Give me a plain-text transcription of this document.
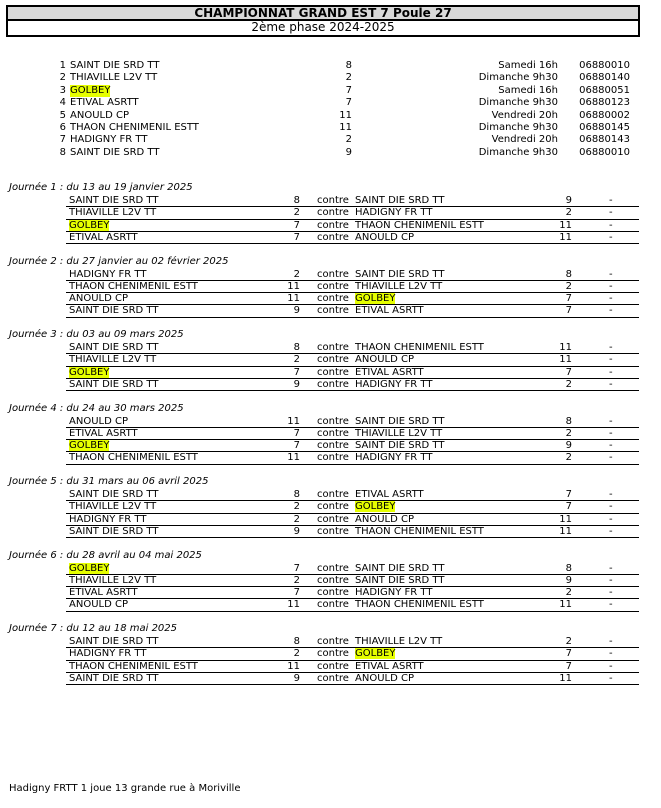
CHAMPIONNAT GRAND EST 7 Poule 27
2ème phase 2024-2025
1 SAINT DIE SRD TT	8	Samedi 16h 06880010
2 THIAVILLE L2V TT	2	Dimanche 9h30 06880140
3 GOLBEY	7	Samedi 16h 06880051
4 ETIVAL ASRTT	7	Dimanche 9h30 06880123
5 ANOULD CP	11	Vendredi 20h 06880002
6 THAON CHENIMENIL ESTT	11	Dimanche 9h30 06880145
7 HADIGNY FR TT	2	Vendredi 20h 06880143
8 SAINT DIE SRD TT	9	Dimanche 9h30 06880010
Journée 1 : du 13 au 19 janvier 2025
SAINT DIE SRD TT	8 contre SAINT DIE SRD TT	9	-
THIAVILLE L2V TT	2 contre HADIGNY FR TT	2	-
GOLBEY	7 contre THAON CHENIMENIL ESTT	11	-
ETIVAL ASRTT	7 contre ANOULD CP	11	-
Journée 2 : du 27 janvier au 02 février 2025
HADIGNY FR TT	2 contre SAINT DIE SRD TT	8	-
THAON CHENIMENIL ESTT	11 contre THIAVILLE L2V TT	2	-
ANOULD CP	11 contre GOLBEY	7	-
SAINT DIE SRD TT	9 contre ETIVAL ASRTT	7	-
Journée 3 : du 03 au 09 mars 2025
SAINT DIE SRD TT	8 contre THAON CHENIMENIL ESTT	11	-
THIAVILLE L2V TT	2 contre ANOULD CP	11	-
GOLBEY	7 contre ETIVAL ASRTT	7	-
SAINT DIE SRD TT	9 contre HADIGNY FR TT	2	-
Journée 4 : du 24 au 30 mars 2025
ANOULD CP	11 contre SAINT DIE SRD TT	8	-
ETIVAL ASRTT	7 contre THIAVILLE L2V TT	2	-
GOLBEY	7 contre SAINT DIE SRD TT	9	-
THAON CHENIMENIL ESTT	11 contre HADIGNY FR TT	2	-
Journée 5 : du 31 mars au 06 avril 2025
SAINT DIE SRD TT	8 contre ETIVAL ASRTT	7	-
THIAVILLE L2V TT	2 contre GOLBEY	7	-
HADIGNY FR TT	2 contre ANOULD CP	11	-
SAINT DIE SRD TT	9 contre THAON CHENIMENIL ESTT	11	-
Journée 6 : du 28 avril au 04 mai 2025
GOLBEY	7 contre SAINT DIE SRD TT	8	-
THIAVILLE L2V TT	2 contre SAINT DIE SRD TT	9	-
ETIVAL ASRTT	7 contre HADIGNY FR TT	2	-
ANOULD CP	11 contre THAON CHENIMENIL ESTT	11	-
Journée 7 : du 12 au 18 mai 2025
SAINT DIE SRD TT	8 contre THIAVILLE L2V TT	2	-
HADIGNY FR TT	2 contre GOLBEY	7	-
THAON CHENIMENIL ESTT	11 contre ETIVAL ASRTT	7	-
SAINT DIE SRD TT	9 contre ANOULD CP	11	-
Hadigny FRTT 1 joue 13 grande rue à Moriville
